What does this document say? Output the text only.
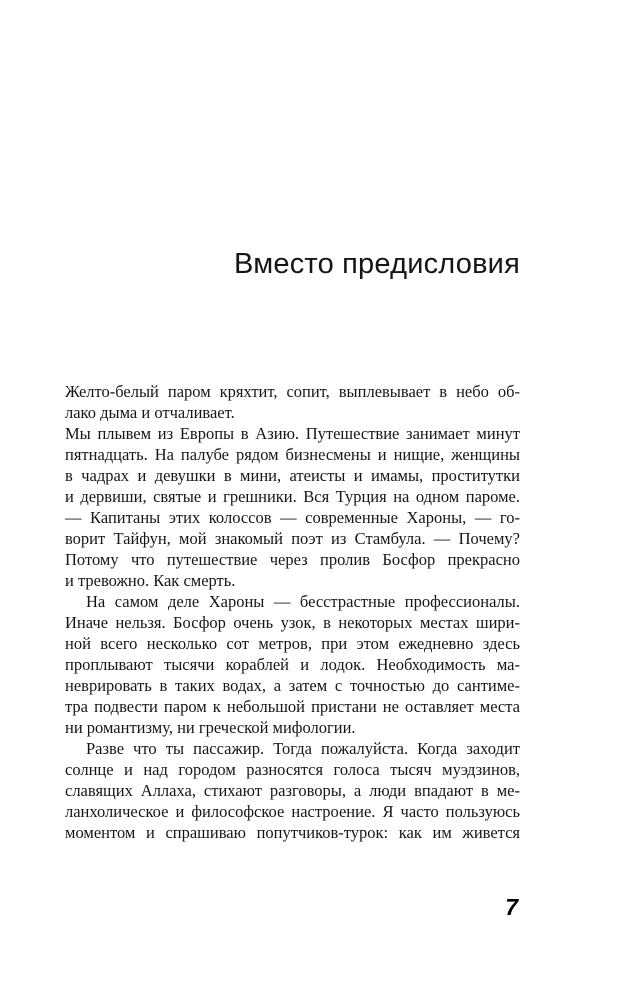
Вместо предисловия
Желто-белый паром кряхтит, сопит, выплевывает в небо об-
лако дыма и отчаливает.
Мы плывем из Европы в Азию. Путешествие занимает минут
пятнадцать. На палубе рядом бизнесмены и нищие, женщины
в чадрах и девушки в мини, атеисты и имамы, проститутки
и дервиши, святые и грешники. Вся Турция на одном пароме.
— Капитаны этих колоссов — современные Хароны, — го-
ворит Тайфун, мой знакомый поэт из Стамбула. — Почему?
Потому что путешествие через пролив Босфор прекрасно
и тревожно. Как смерть.
На самом деле Хароны — бесстрастные профессионалы.
Иначе нельзя. Босфор очень узок, в некоторых местах шири-
ной всего несколько сот метров, при этом ежедневно здесь
проплывают тысячи кораблей и лодок. Необходимость ма-
неврировать в таких водах, а затем с точностью до сантиме-
тра подвести паром к небольшой пристани не оставляет места
ни романтизму, ни греческой мифологии.
Разве что ты пассажир. Тогда пожалуйста. Когда заходит
солнце и над городом разносятся голоса тысяч муэдзинов,
славящих Аллаха, стихают разговоры, а люди впадают в ме-
ланхолическое и философское настроение. Я часто пользуюсь
моментом и спрашиваю попутчиков-турок: как им живется
7
